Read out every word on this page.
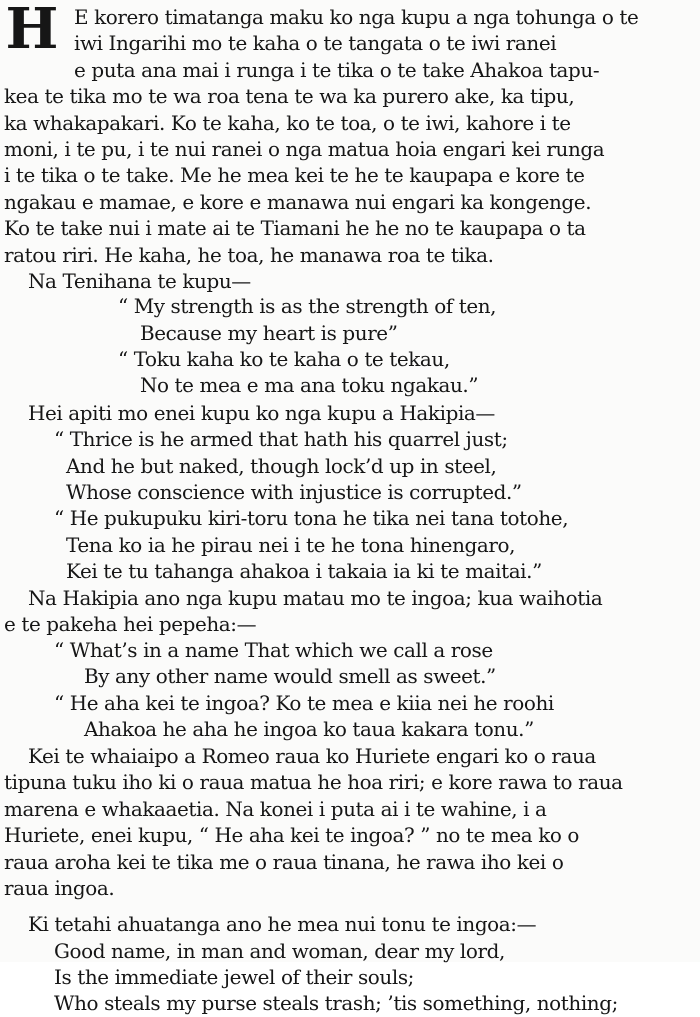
H E korero timatanga maku ko nga kupu a nga tohunga o te
iwi Ingarihi mo te kaha o te tangata o te iwi ranei
e puta ana mai i runga i te tika o te take Ahakoa tapu-
kea te tika mo te wa roa tena te wa ka purero ake, ka tipu,
ka whakapakari. Ko te kaha, ko te toa, o te iwi, kahore i te
moni, i te pu, i te nui ranei o nga matua hoia engari kei runga
i te tika o te take. Me he mea kei te he te kaupapa e kore te
ngakau e mamae, e kore e manawa nui engari ka kongenge.
Ko te take nui i mate ai te Tiamani he he no te kaupapa o ta
ratou riri. He kaha, he toa, he manawa roa te tika.
Na Tenihana te kupu—
“ My strength is as the strength of ten,
Because my heart is pure”
“ Toku kaha ko te kaha o te tekau,
No te mea e ma ana toku ngakau.”
Hei apiti mo enei kupu ko nga kupu a Hakipia—
“ Thrice is he armed that hath his quarrel just;
And he but naked, though lock’d up in steel,
Whose conscience with injustice is corrupted.”
“ He pukupuku kiri-toru tona he tika nei tana totohe,
Tena ko ia he pirau nei i te he tona hinengaro,
Kei te tu tahanga ahakoa i takaia ia ki te maitai.”
Na Hakipia ano nga kupu matau mo te ingoa; kua waihotia
e te pakeha hei pepeha:—
“ What’s in a name That which we call a rose
By any other name would smell as sweet.”
“ He aha kei te ingoa? Ko te mea e kiia nei he roohi
Ahakoa he aha he ingoa ko taua kakara tonu.”
Kei te whaiaipo a Romeo raua ko Huriete engari ko o raua
tipuna tuku iho ki o raua matua he hoa riri; e kore rawa to raua
marena e whakaaetia. Na konei i puta ai i te wahine, i a
Huriete, enei kupu, “ He aha kei te ingoa? ” no te mea ko o
raua aroha kei te tika me o raua tinana, he rawa iho kei o
raua ingoa.
Ki tetahi ahuatanga ano he mea nui tonu te ingoa:—
Good name, in man and woman, dear my lord,
Is the immediate jewel of their souls;
Who steals my purse steals trash; ’tis something, nothing;
